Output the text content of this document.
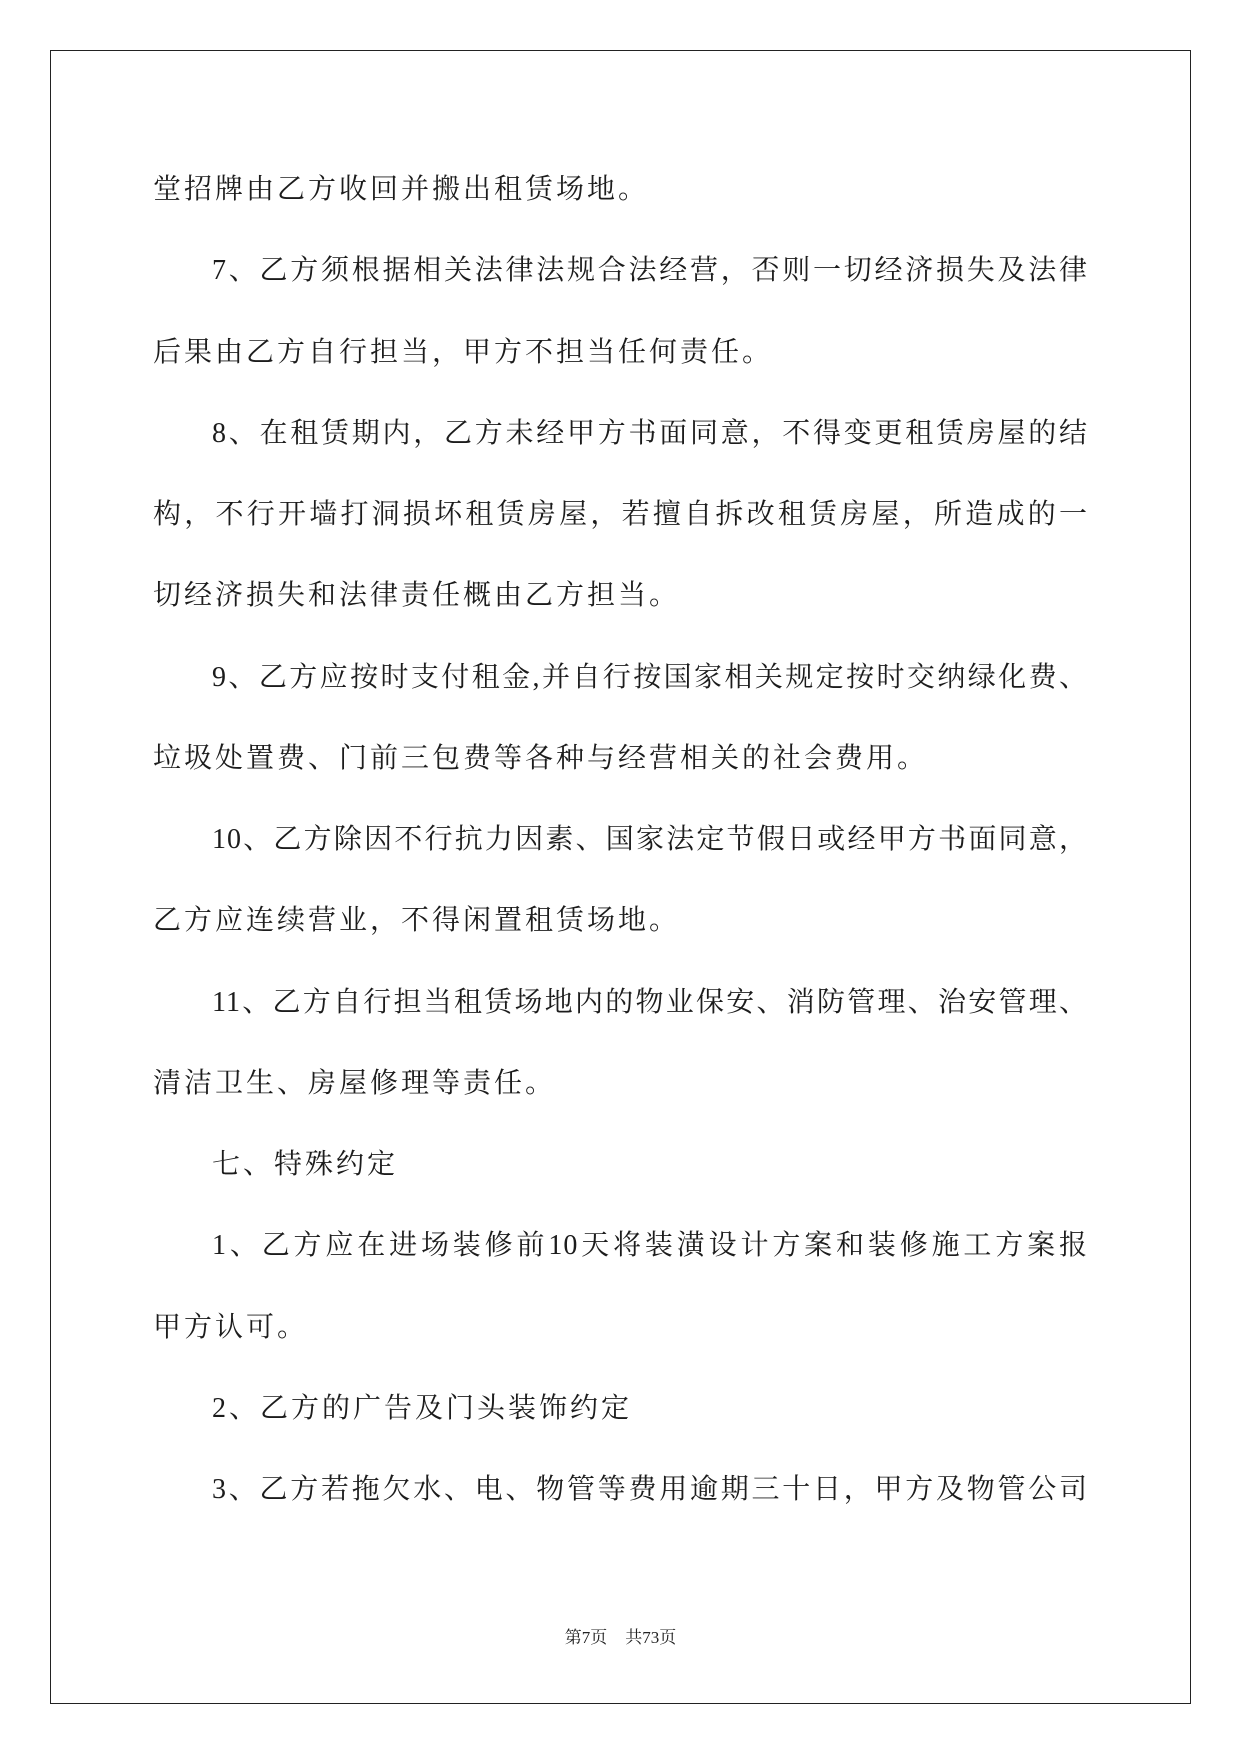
堂招牌由乙方收回并搬出租赁场地。
7、乙方须根据相关法律法规合法经营，否则一切经济损失及法律
后果由乙方自行担当，甲方不担当任何责任。
8、在租赁期内，乙方未经甲方书面同意，不得变更租赁房屋的结
构，不行开墙打洞损坏租赁房屋，若擅自拆改租赁房屋，所造成的一
切经济损失和法律责任概由乙方担当。
9、乙方应按时支付租金,并自行按国家相关规定按时交纳绿化费、
垃圾处置费、门前三包费等各种与经营相关的社会费用。
10、乙方除因不行抗力因素、国家法定节假日或经甲方书面同意，
乙方应连续营业，不得闲置租赁场地。
11、乙方自行担当租赁场地内的物业保安、消防管理、治安管理、
清洁卫生、房屋修理等责任。
七、特殊约定
1、乙方应在进场装修前10天将装潢设计方案和装修施工方案报
甲方认可。
2、乙方的广告及门头装饰约定
3、乙方若拖欠水、电、物管等费用逾期三十日，甲方及物管公司
第7页 共73页
